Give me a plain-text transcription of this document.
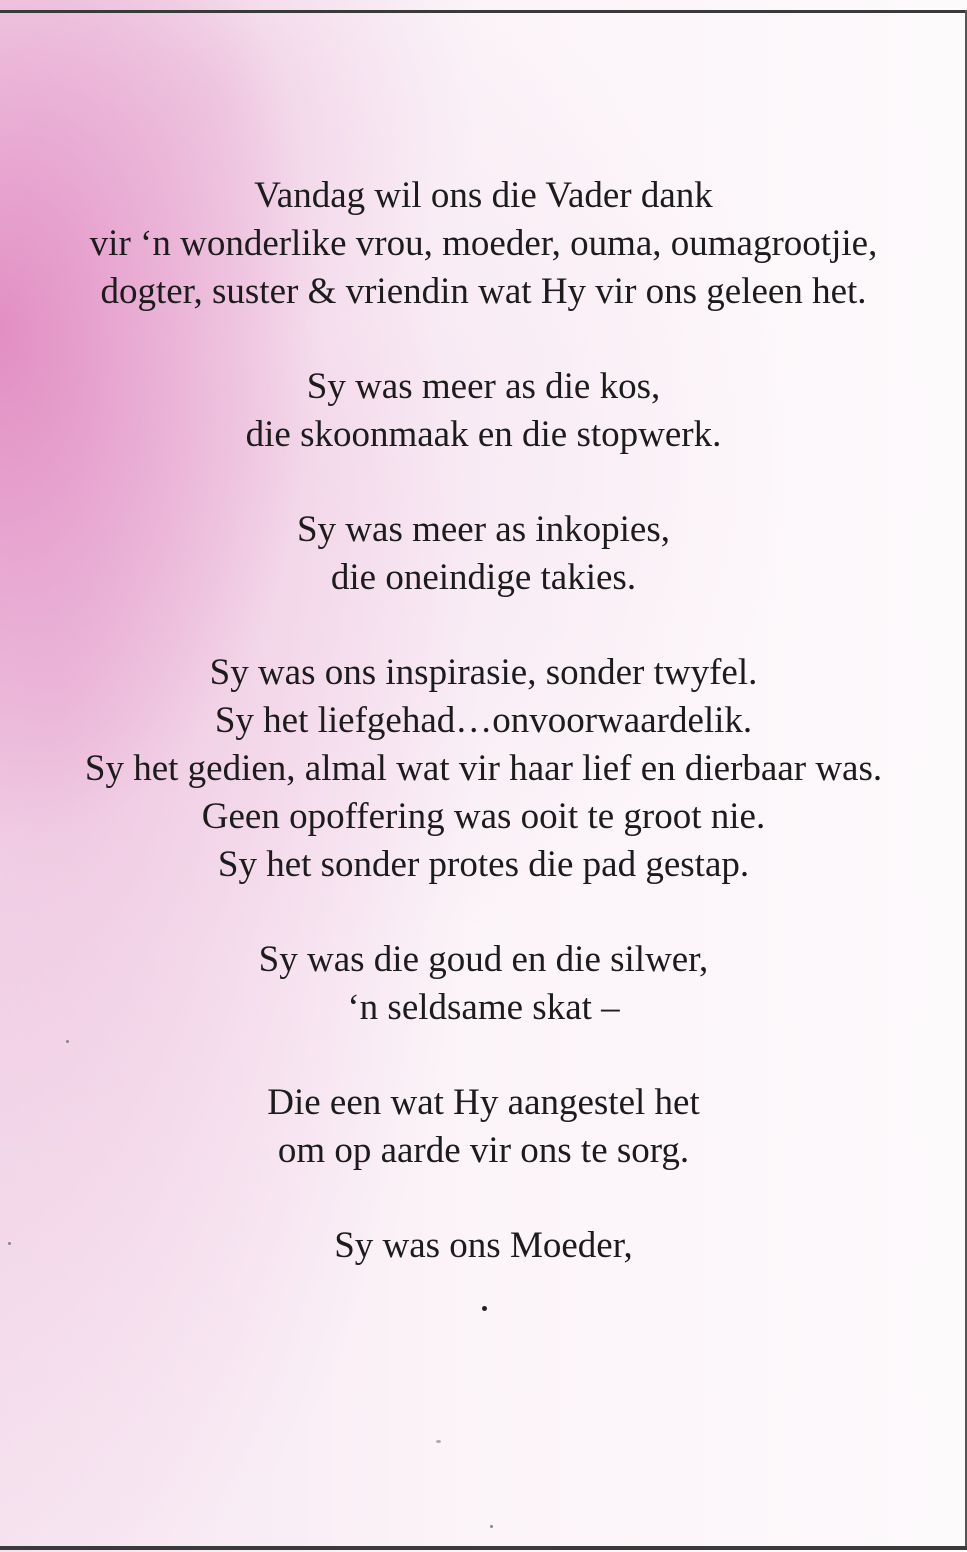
Vandag wil ons die Vader dank
vir ‘n wonderlike vrou, moeder, ouma, oumagrootjie,
dogter, suster & vriendin wat Hy vir ons geleen het.
Sy was meer as die kos,
die skoonmaak en die stopwerk.
Sy was meer as inkopies,
die oneindige takies.
Sy was ons inspirasie, sonder twyfel.
Sy het liefgehad…onvoorwaardelik.
Sy het gedien, almal wat vir haar lief en dierbaar was.
Geen opoffering was ooit te groot nie.
Sy het sonder protes die pad gestap.
Sy was die goud en die silwer,
‘n seldsame skat –
Die een wat Hy aangestel het
om op aarde vir ons te sorg.
Sy was ons Moeder,
